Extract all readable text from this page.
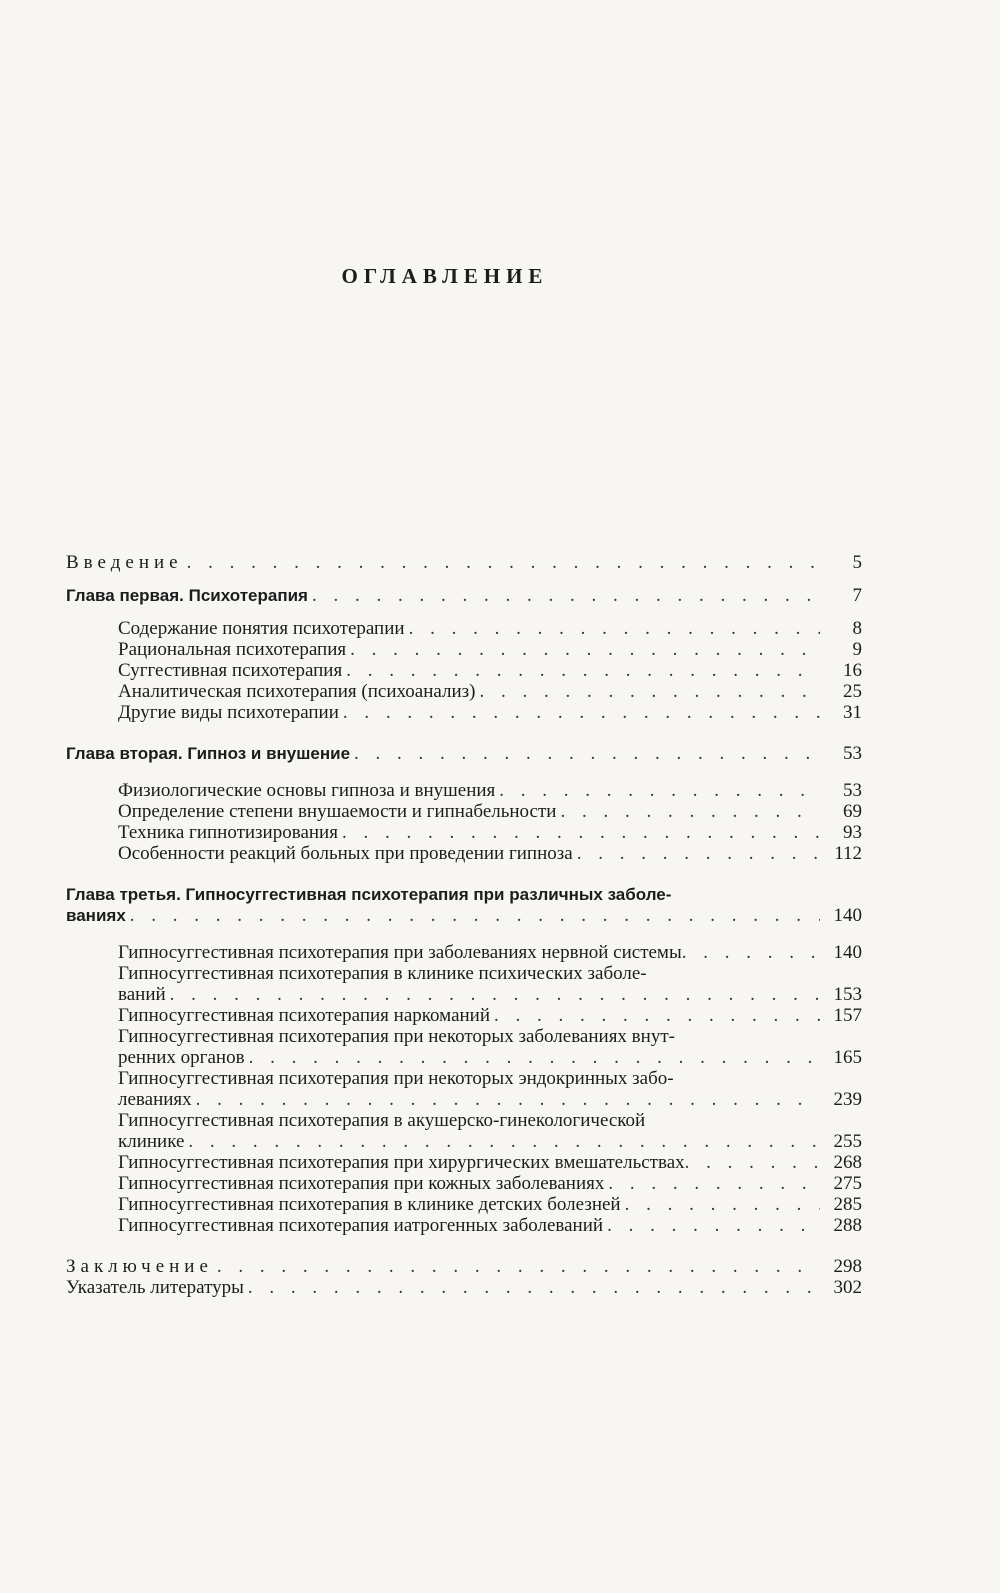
ОГЛАВЛЕНИЕ
Введение . . .	5
Глава первая. Психотерапия . . .	7
Содержание понятия психотерапии . . .	8
Рациональная психотерапия . . .	9
Суггестивная психотерапия . . .	16
Аналитическая психотерапия (психоанализ) . . .	25
Другие виды психотерапии . . .	31
Глава вторая. Гипноз и внушение . . .	53
Физиологические основы гипноза и внушения . . .	53
Определение степени внушаемости и гипнабельности . . .	69
Техника гипнотизирования . . .	93
Особенности реакций больных при проведении гипноза . . .	112
Глава третья. Гипносуггестивная психотерапия при различных заболе-
ваниях . . .	140
Гипносуггестивная психотерапия при заболеваниях нервной системы . . .	140
Гипносуггестивная психотерапия в клинике психических заболе-
ваний . . .	153
Гипносуггестивная психотерапия наркоманий . . .	157
Гипносуггестивная психотерапия при некоторых заболеваниях внут-
ренних органов . . .	165
Гипносуггестивная психотерапия при некоторых эндокринных забо-
леваниях . . .	239
Гипносуггестивная психотерапия в акушерско-гинекологической
клинике . . .	255
Гипносуггестивная психотерапия при хирургических вмешательствах . . .	268
Гипносуггестивная психотерапия при кожных заболеваниях . . .	275
Гипносуггестивная психотерапия в клинике детских болезней . . .	285
Гипносуггестивная психотерапия иатрогенных заболеваний . . .	288
Заключение . . .	298
Указатель литературы . . .	302
